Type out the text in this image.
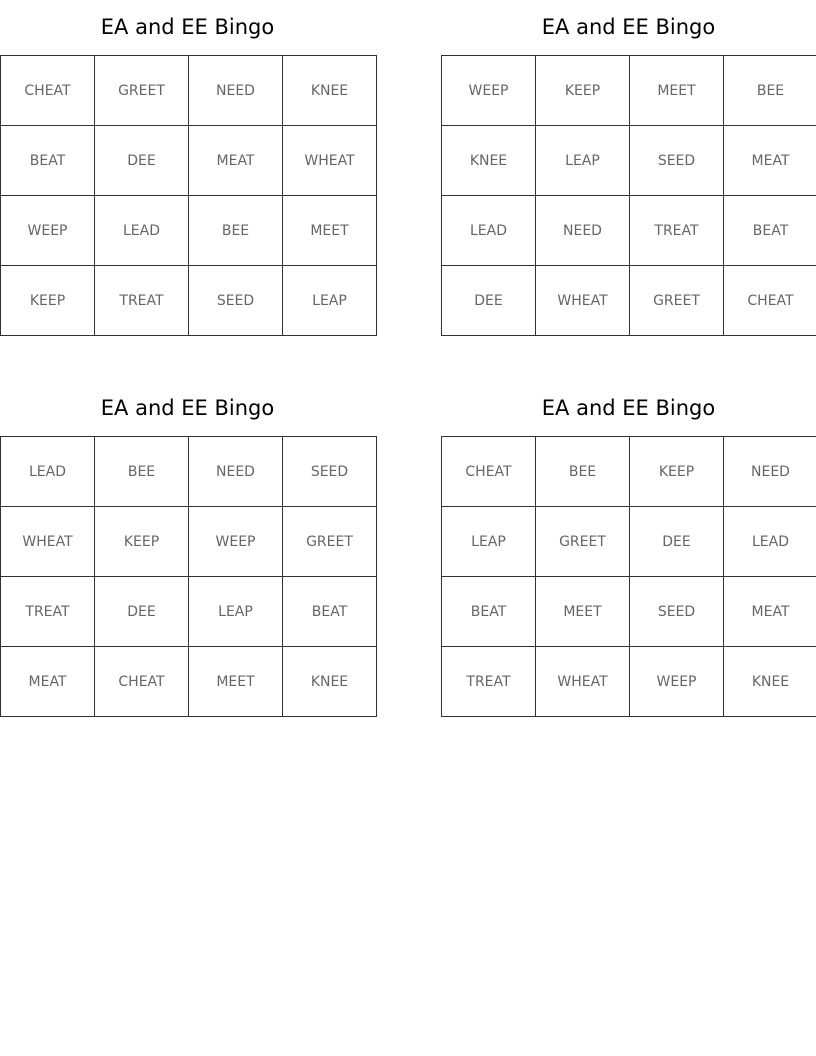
EA and EE Bingo
CHEAT	GREET	NEED	KNEE
BEAT	DEE	MEAT	WHEAT
WEEP	LEAD	BEE	MEET
KEEP	TREAT	SEED	LEAP
EA and EE Bingo
WEEP	KEEP	MEET	BEE
KNEE	LEAP	SEED	MEAT
LEAD	NEED	TREAT	BEAT
DEE	WHEAT	GREET	CHEAT
EA and EE Bingo
LEAD	BEE	NEED	SEED
WHEAT	KEEP	WEEP	GREET
TREAT	DEE	LEAP	BEAT
MEAT	CHEAT	MEET	KNEE
EA and EE Bingo
CHEAT	BEE	KEEP	NEED
LEAP	GREET	DEE	LEAD
BEAT	MEET	SEED	MEAT
TREAT	WHEAT	WEEP	KNEE
